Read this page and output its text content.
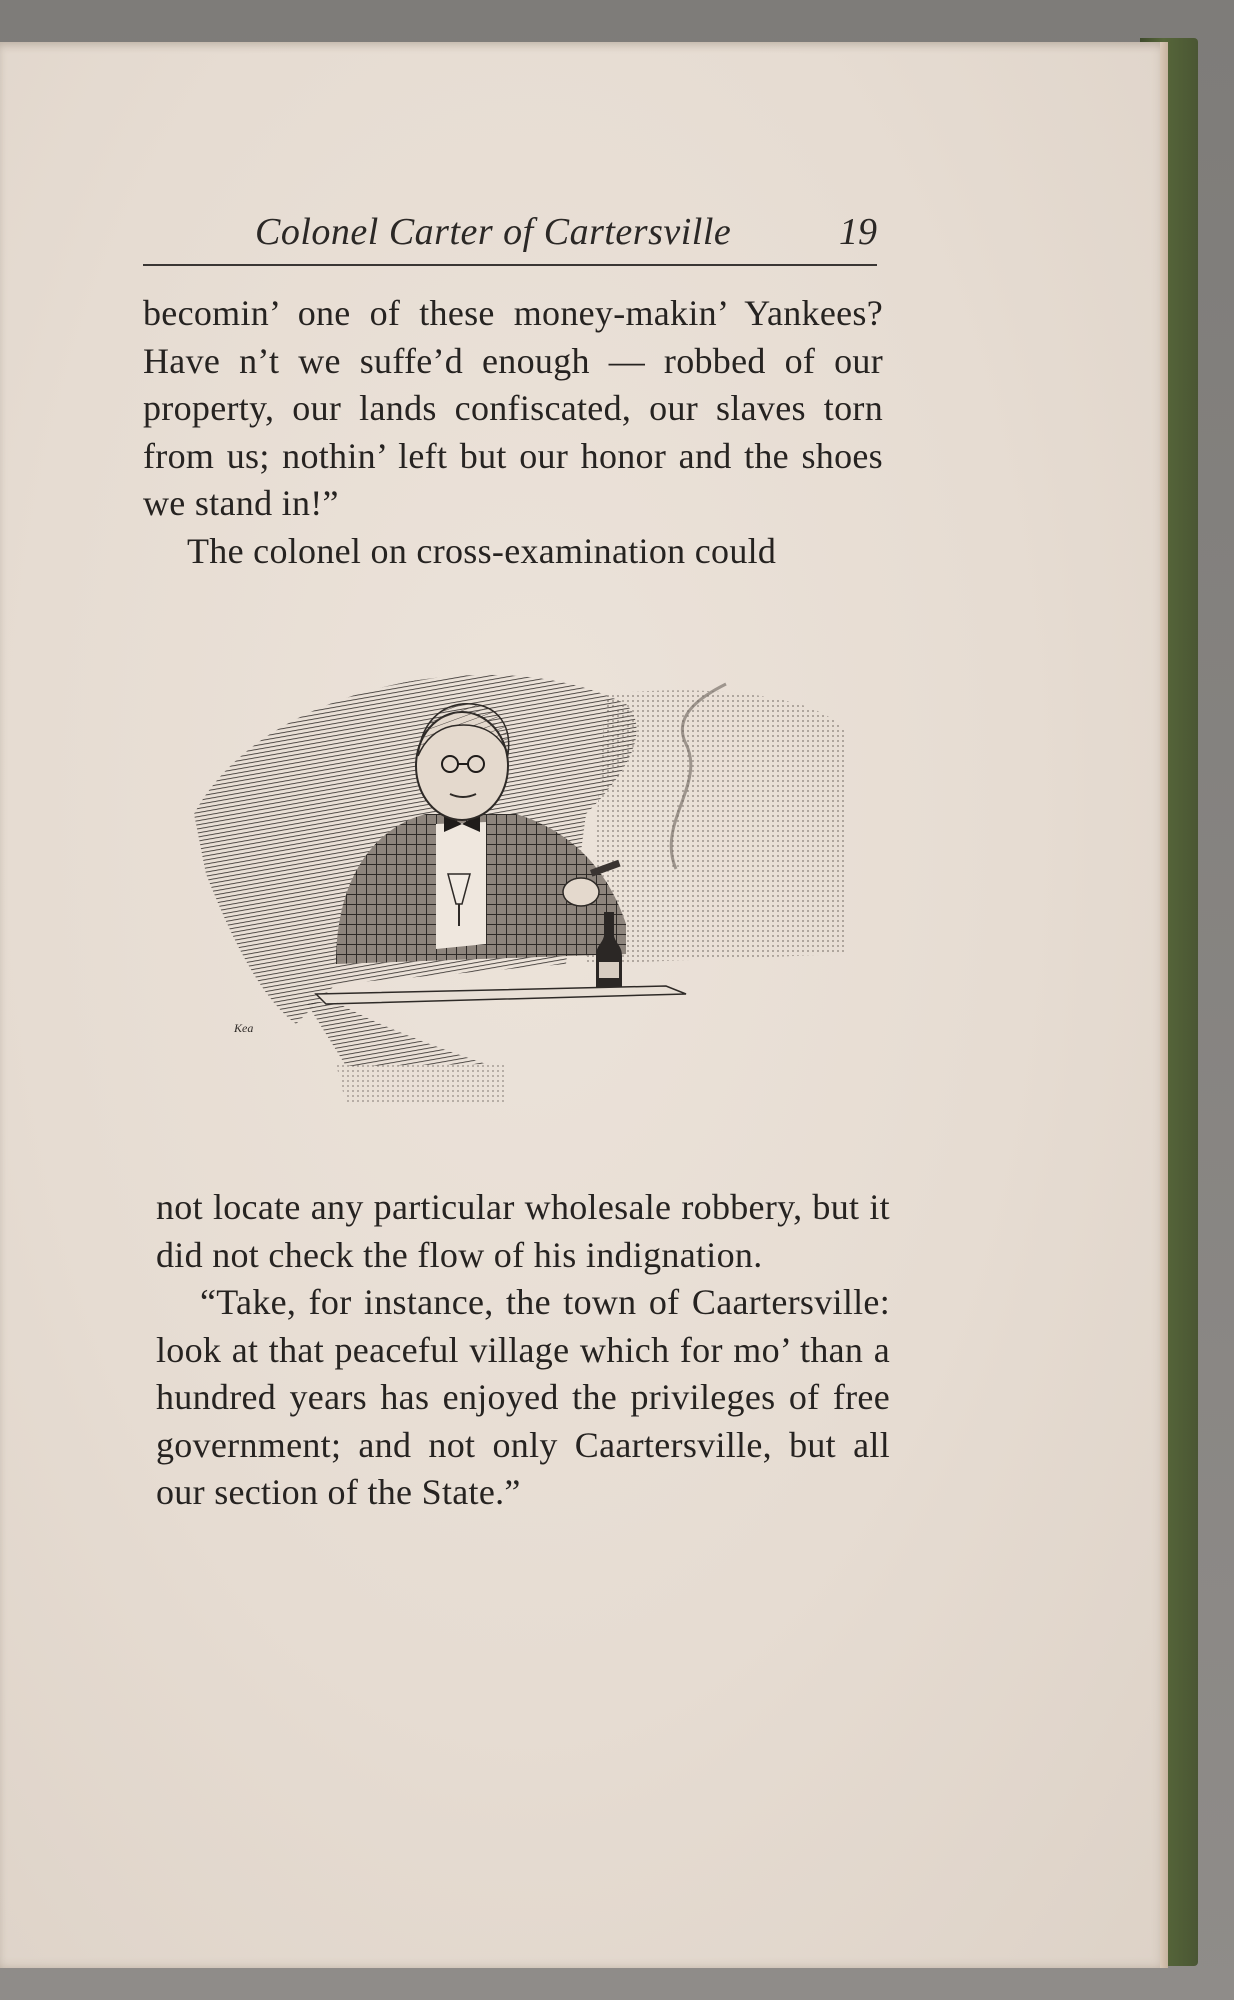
Colonel Carter of Cartersville	19

becomin’ one of these money-makin’ Yankees? Have n’t we suffe’d enough — robbed of our property, our lands confiscated, our slaves torn from us; nothin’ left but our honor and the shoes we stand in!”

The colonel on cross-examination could

Kea

not locate any particular wholesale robbery, but it did not check the flow of his indignation.

“Take, for instance, the town of Caartersville: look at that peaceful village which for mo’ than a hundred years has enjoyed the privileges of free government; and not only Caartersville, but all our section of the State.”
